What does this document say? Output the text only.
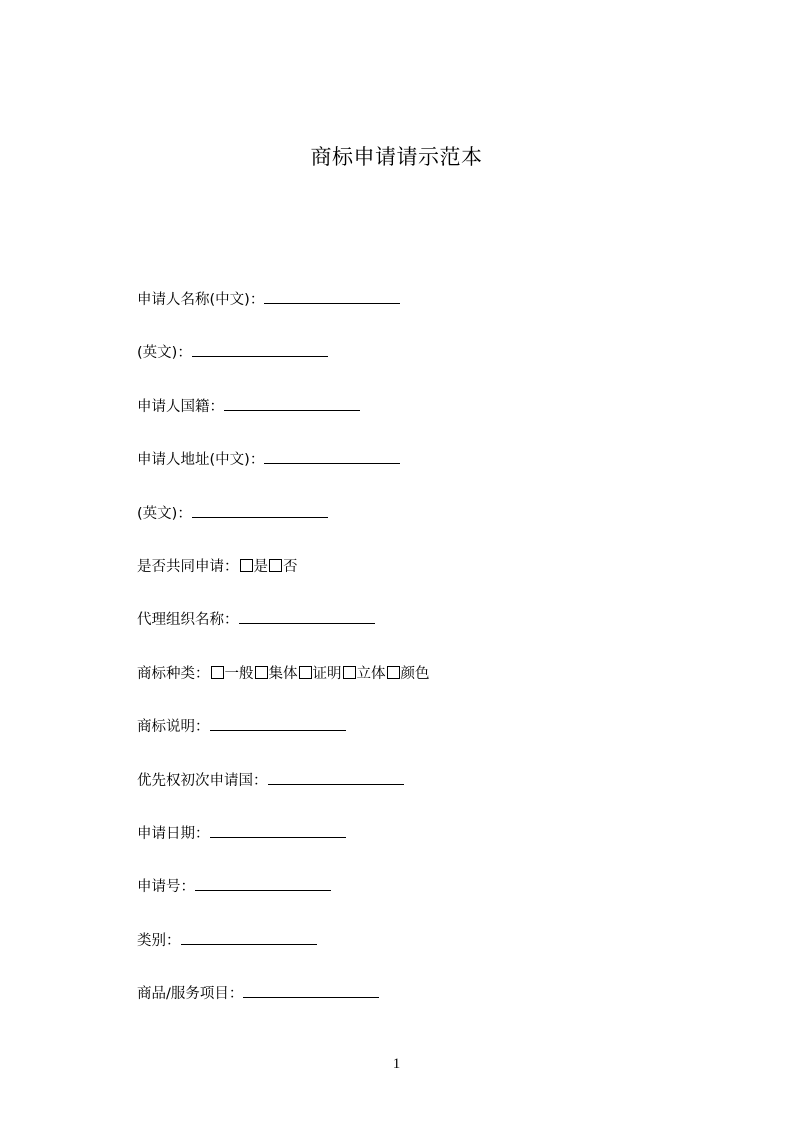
商标申请请示范本
申请人名称(中文)：
(英文)：
申请人国籍：
申请人地址(中文)：
(英文)：
是否共同申请： 是 否
代理组织名称：
商标种类： 一般 集体 证明 立体 颜色
商标说明：
优先权初次申请国：
申请日期：
申请号：
类别：
商品/服务项目：
1
